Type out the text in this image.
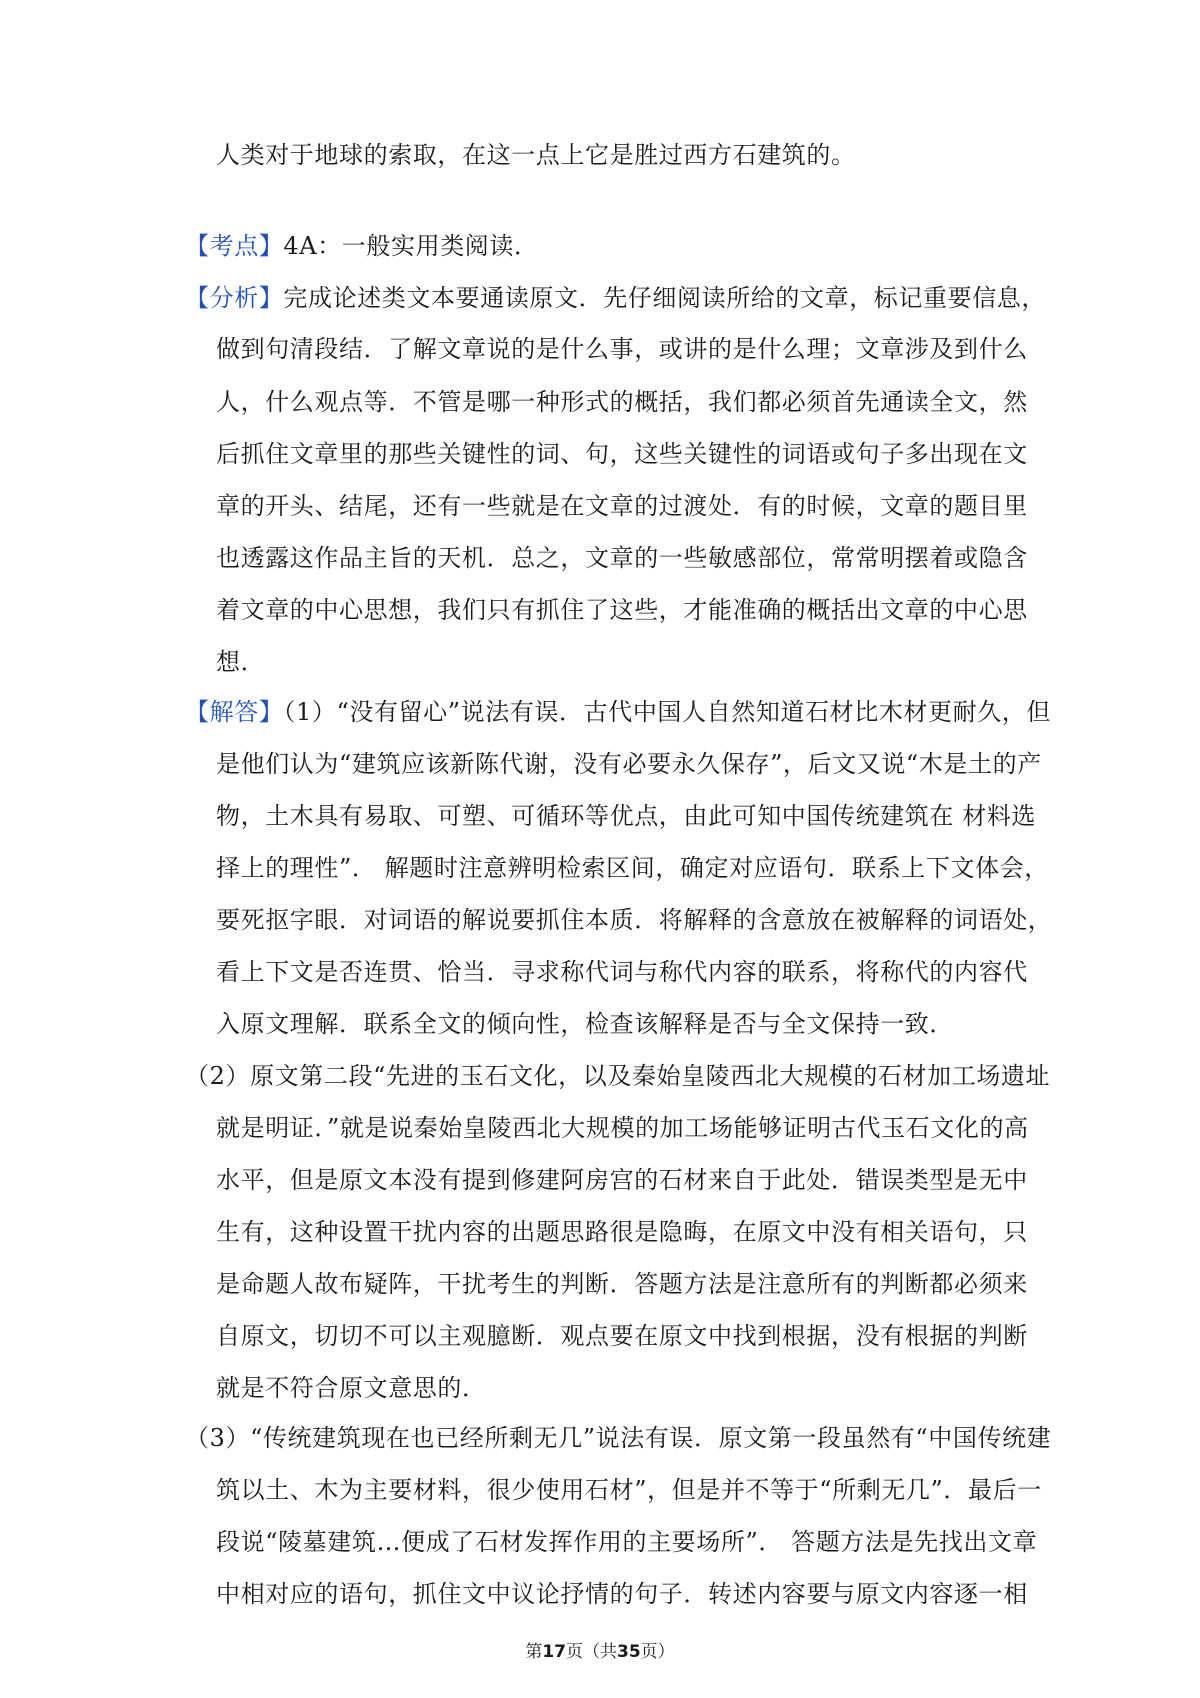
人类对于地球的索取，在这一点上它是胜过西方石建筑的。
【考点】4A：一般实用类阅读．
【分析】完成论述类文本要通读原文．先仔细阅读所给的文章，标记重要信息，
做到句清段结．了解文章说的是什么事，或讲的是什么理；文章涉及到什么
人，什么观点等．不管是哪一种形式的概括，我们都必须首先通读全文，然
后抓住文章里的那些关键性的词、句，这些关键性的词语或句子多出现在文
章的开头、结尾，还有一些就是在文章的过渡处．有的时候，文章的题目里
也透露这作品主旨的天机．总之，文章的一些敏感部位，常常明摆着或隐含
着文章的中心思想，我们只有抓住了这些，才能准确的概括出文章的中心思
想．
【解答】（1）“没有留心”说法有误．古代中国人自然知道石材比木材更耐久，但
是他们认为“建筑应该新陈代谢，没有必要永久保存”，后文又说“木是土的产
物，土木具有易取、可塑、可循环等优点，由此可知中国传统建筑在 材料选
择上的理性”． 解题时注意辨明检索区间，确定对应语句．联系上下文体会，
要死抠字眼．对词语的解说要抓住本质．将解释的含意放在被解释的词语处，
看上下文是否连贯、恰当．寻求称代词与称代内容的联系，将称代的内容代
入原文理解．联系全文的倾向性，检查该解释是否与全文保持一致．
（2）原文第二段“先进的玉石文化，以及秦始皇陵西北大规模的石材加工场遗址
就是明证．”就是说秦始皇陵西北大规模的加工场能够证明古代玉石文化的高
水平，但是原文本没有提到修建阿房宫的石材来自于此处．错误类型是无中
生有，这种设置干扰内容的出题思路很是隐晦，在原文中没有相关语句，只
是命题人故布疑阵，干扰考生的判断．答题方法是注意所有的判断都必须来
自原文，切切不可以主观臆断．观点要在原文中找到根据，没有根据的判断
就是不符合原文意思的．
（3）“传统建筑现在也已经所剩无几”说法有误．原文第一段虽然有“中国传统建
筑以土、木为主要材料，很少使用石材”，但是并不等于“所剩无几”．最后一
段说“陵墓建筑…便成了石材发挥作用的主要场所”． 答题方法是先找出文章
中相对应的语句，抓住文中议论抒情的句子．转述内容要与原文内容逐一相
第17页（共35页）
